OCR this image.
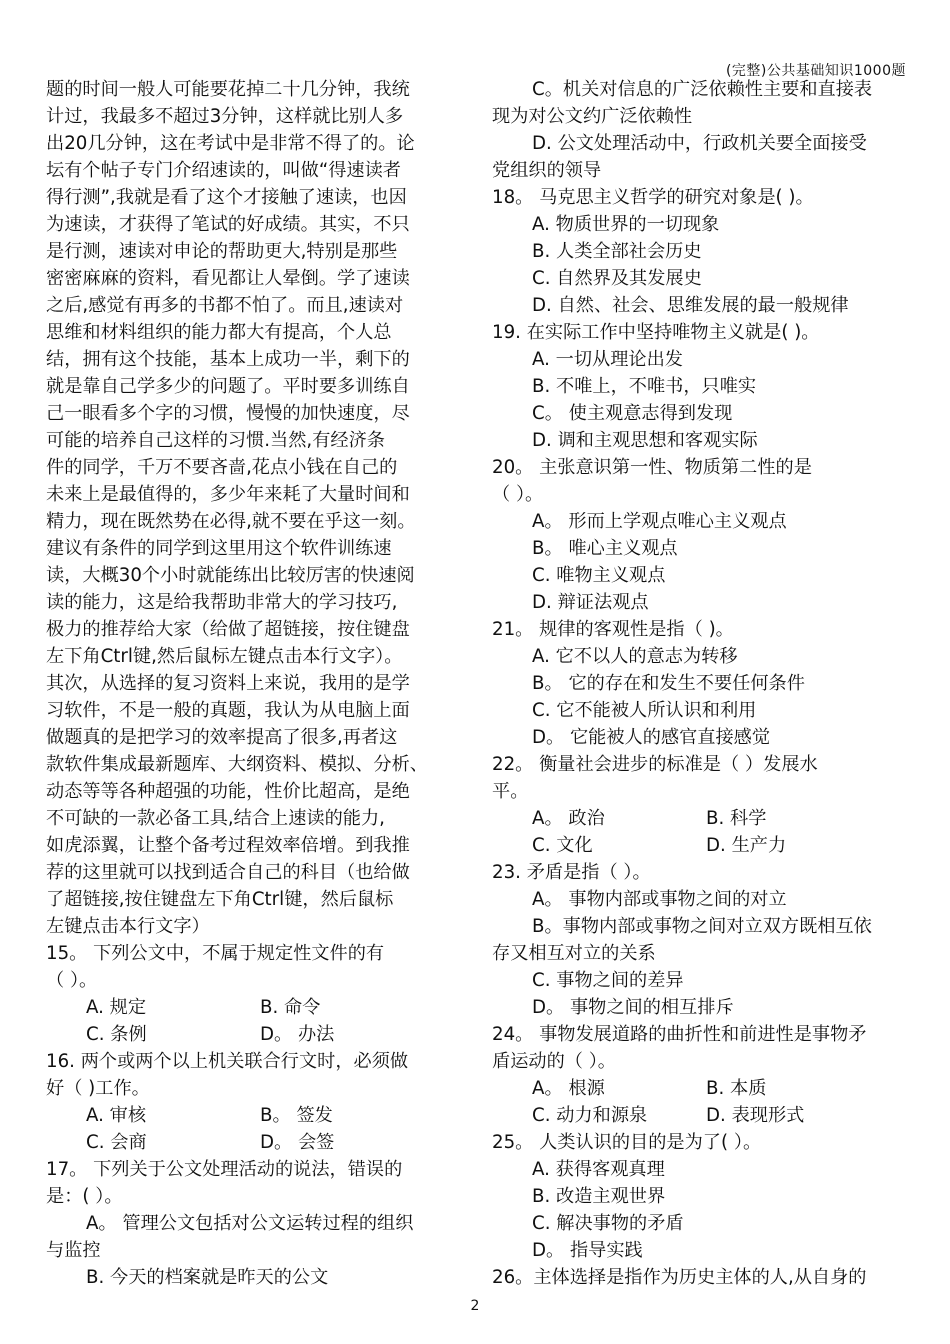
(完整)公共基础知识1000题
题的时间一般人可能要花掉二十几分钟，我统
计过，我最多不超过3分钟，这样就比别人多
出20几分钟，这在考试中是非常不得了的。论
坛有个帖子专门介绍速读的，叫做“得速读者
得行测”,我就是看了这个才接触了速读，也因
为速读，才获得了笔试的好成绩。其实，不只
是行测，速读对申论的帮助更大,特别是那些
密密麻麻的资料，看见都让人晕倒。学了速读
之后,感觉有再多的书都不怕了。而且,速读对
思维和材料组织的能力都大有提高，个人总
结，拥有这个技能，基本上成功一半，剩下的
就是靠自己学多少的问题了。平时要多训练自
己一眼看多个字的习惯，慢慢的加快速度，尽
可能的培养自己这样的习惯.当然,有经济条
件的同学，千万不要吝啬,花点小钱在自己的
未来上是最值得的，多少年来耗了大量时间和
精力，现在既然势在必得,就不要在乎这一刻。
建议有条件的同学到这里用这个软件训练速
读，大概30个小时就能练出比较厉害的快速阅
读的能力，这是给我帮助非常大的学习技巧,
极力的推荐给大家（给做了超链接，按住键盘
左下角Ctrl键,然后鼠标左键点击本行文字）。
其次，从选择的复习资料上来说，我用的是学
习软件，不是一般的真题，我认为从电脑上面
做题真的是把学习的效率提高了很多,再者这
款软件集成最新题库、大纲资料、模拟、分析、
动态等等各种超强的功能，性价比超高，是绝
不可缺的一款必备工具,结合上速读的能力,
如虎添翼，让整个备考过程效率倍增。到我推
荐的这里就可以找到适合自己的科目（也给做
了超链接,按住键盘左下角Ctrl键，然后鼠标
左键点击本行文字）
15。 下列公文中，不属于规定性文件的有
（ ）。
A. 规定	B. 命令
C. 条例	D。 办法
16. 两个或两个以上机关联合行文时，必须做
好（ )工作。
A. 审核	B。 签发
C. 会商	D。 会签
17。 下列关于公文处理活动的说法，错误的
是：( ）。
A。 管理公文包括对公文运转过程的组织
与监控
B. 今天的档案就是昨天的公文
C。机关对信息的广泛依赖性主要和直接表
现为对公文约广泛依赖性
D. 公文处理活动中，行政机关要全面接受
党组织的领导
18。 马克思主义哲学的研究对象是( )。
A. 物质世界的一切现象
B. 人类全部社会历史
C. 自然界及其发展史
D. 自然、社会、思维发展的最一般规律
19. 在实际工作中坚持唯物主义就是( )。
A. 一切从理论出发
B. 不唯上，不唯书，只唯实
C。 使主观意志得到发现
D. 调和主观思想和客观实际
20。 主张意识第一性、物质第二性的是
（ ）。
A。 形而上学观点唯心主义观点
B。 唯心主义观点
C. 唯物主义观点
D. 辩证法观点
21。 规律的客观性是指（ )。
A. 它不以人的意志为转移
B。 它的存在和发生不要任何条件
C. 它不能被人所认识和利用
D。 它能被人的感官直接感觉
22。 衡量社会进步的标准是（ ）发展水
平。
A。 政治	B. 科学
C. 文化	D. 生产力
23. 矛盾是指（ ）。
A。 事物内部或事物之间的对立
B。事物内部或事物之间对立双方既相互依
存又相互对立的关系
C. 事物之间的差异
D。 事物之间的相互排斥
24。 事物发展道路的曲折性和前进性是事物矛
盾运动的（ ）。
A。 根源	B. 本质
C. 动力和源泉	D. 表现形式
25。 人类认识的目的是为了( ）。
A. 获得客观真理
B. 改造主观世界
C. 解决事物的矛盾
D。 指导实践
26。主体选择是指作为历史主体的人,从自身的
2
